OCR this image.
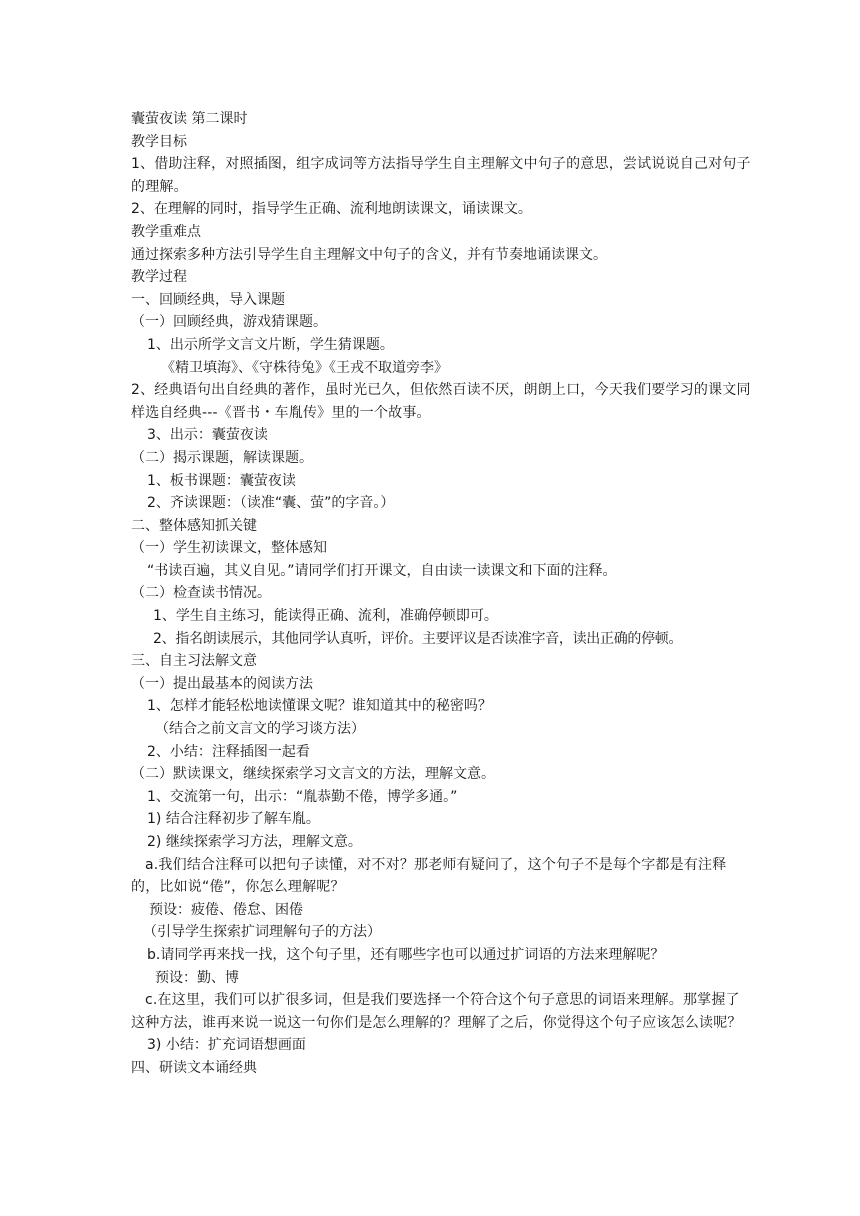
囊萤夜读 第二课时
教学目标
1、借助注释，对照插图，组字成词等方法指导学生自主理解文中句子的意思，尝试说说自己对句子的理解。
2、在理解的同时，指导学生正确、流利地朗读课文，诵读课文。
教学重难点
通过探索多种方法引导学生自主理解文中句子的含义，并有节奏地诵读课文。
教学过程
一、回顾经典，导入课题
（一）回顾经典，游戏猜课题。
1、出示所学文言文片断，学生猜课题。
《精卫填海》、《守株待兔》《王戎不取道旁李》
2、经典语句出自经典的著作，虽时光已久，但依然百读不厌，朗朗上口，今天我们要学习的课文同样选自经典---《晋书・车胤传》里的一个故事。
3、出示：囊萤夜读
（二）揭示课题，解读课题。
1、板书课题：囊萤夜读
2、齐读课题：（读准“囊、萤”的字音。）
二、整体感知抓关键
（一）学生初读课文，整体感知
“书读百遍，其义自见。”请同学们打开课文，自由读一读课文和下面的注释。
（二）检查读书情况。
1、学生自主练习，能读得正确、流利，准确停顿即可。
2、指名朗读展示，其他同学认真听，评价。主要评议是否读准字音，读出正确的停顿。
三、自主习法解文意
（一）提出最基本的阅读方法
1、怎样才能轻松地读懂课文呢？谁知道其中的秘密吗？
（结合之前文言文的学习谈方法）
2、小结：注释插图一起看
（二）默读课文，继续探索学习文言文的方法，理解文意。
1、交流第一句，出示：“胤恭勤不倦，博学多通。”
1) 结合注释初步了解车胤。
2) 继续探索学习方法，理解文意。
a.我们结合注释可以把句子读懂，对不对？那老师有疑问了，这个句子不是每个字都是有注释的，比如说“倦”，你怎么理解呢？
预设：疲倦、倦怠、困倦
（引导学生探索扩词理解句子的方法）
b.请同学再来找一找，这个句子里，还有哪些字也可以通过扩词语的方法来理解呢？
预设：勤、博
c.在这里，我们可以扩很多词，但是我们要选择一个符合这个句子意思的词语来理解。那掌握了这种方法，谁再来说一说这一句你们是怎么理解的？理解了之后，你觉得这个句子应该怎么读呢？
3) 小结：扩充词语想画面
四、研读文本诵经典
